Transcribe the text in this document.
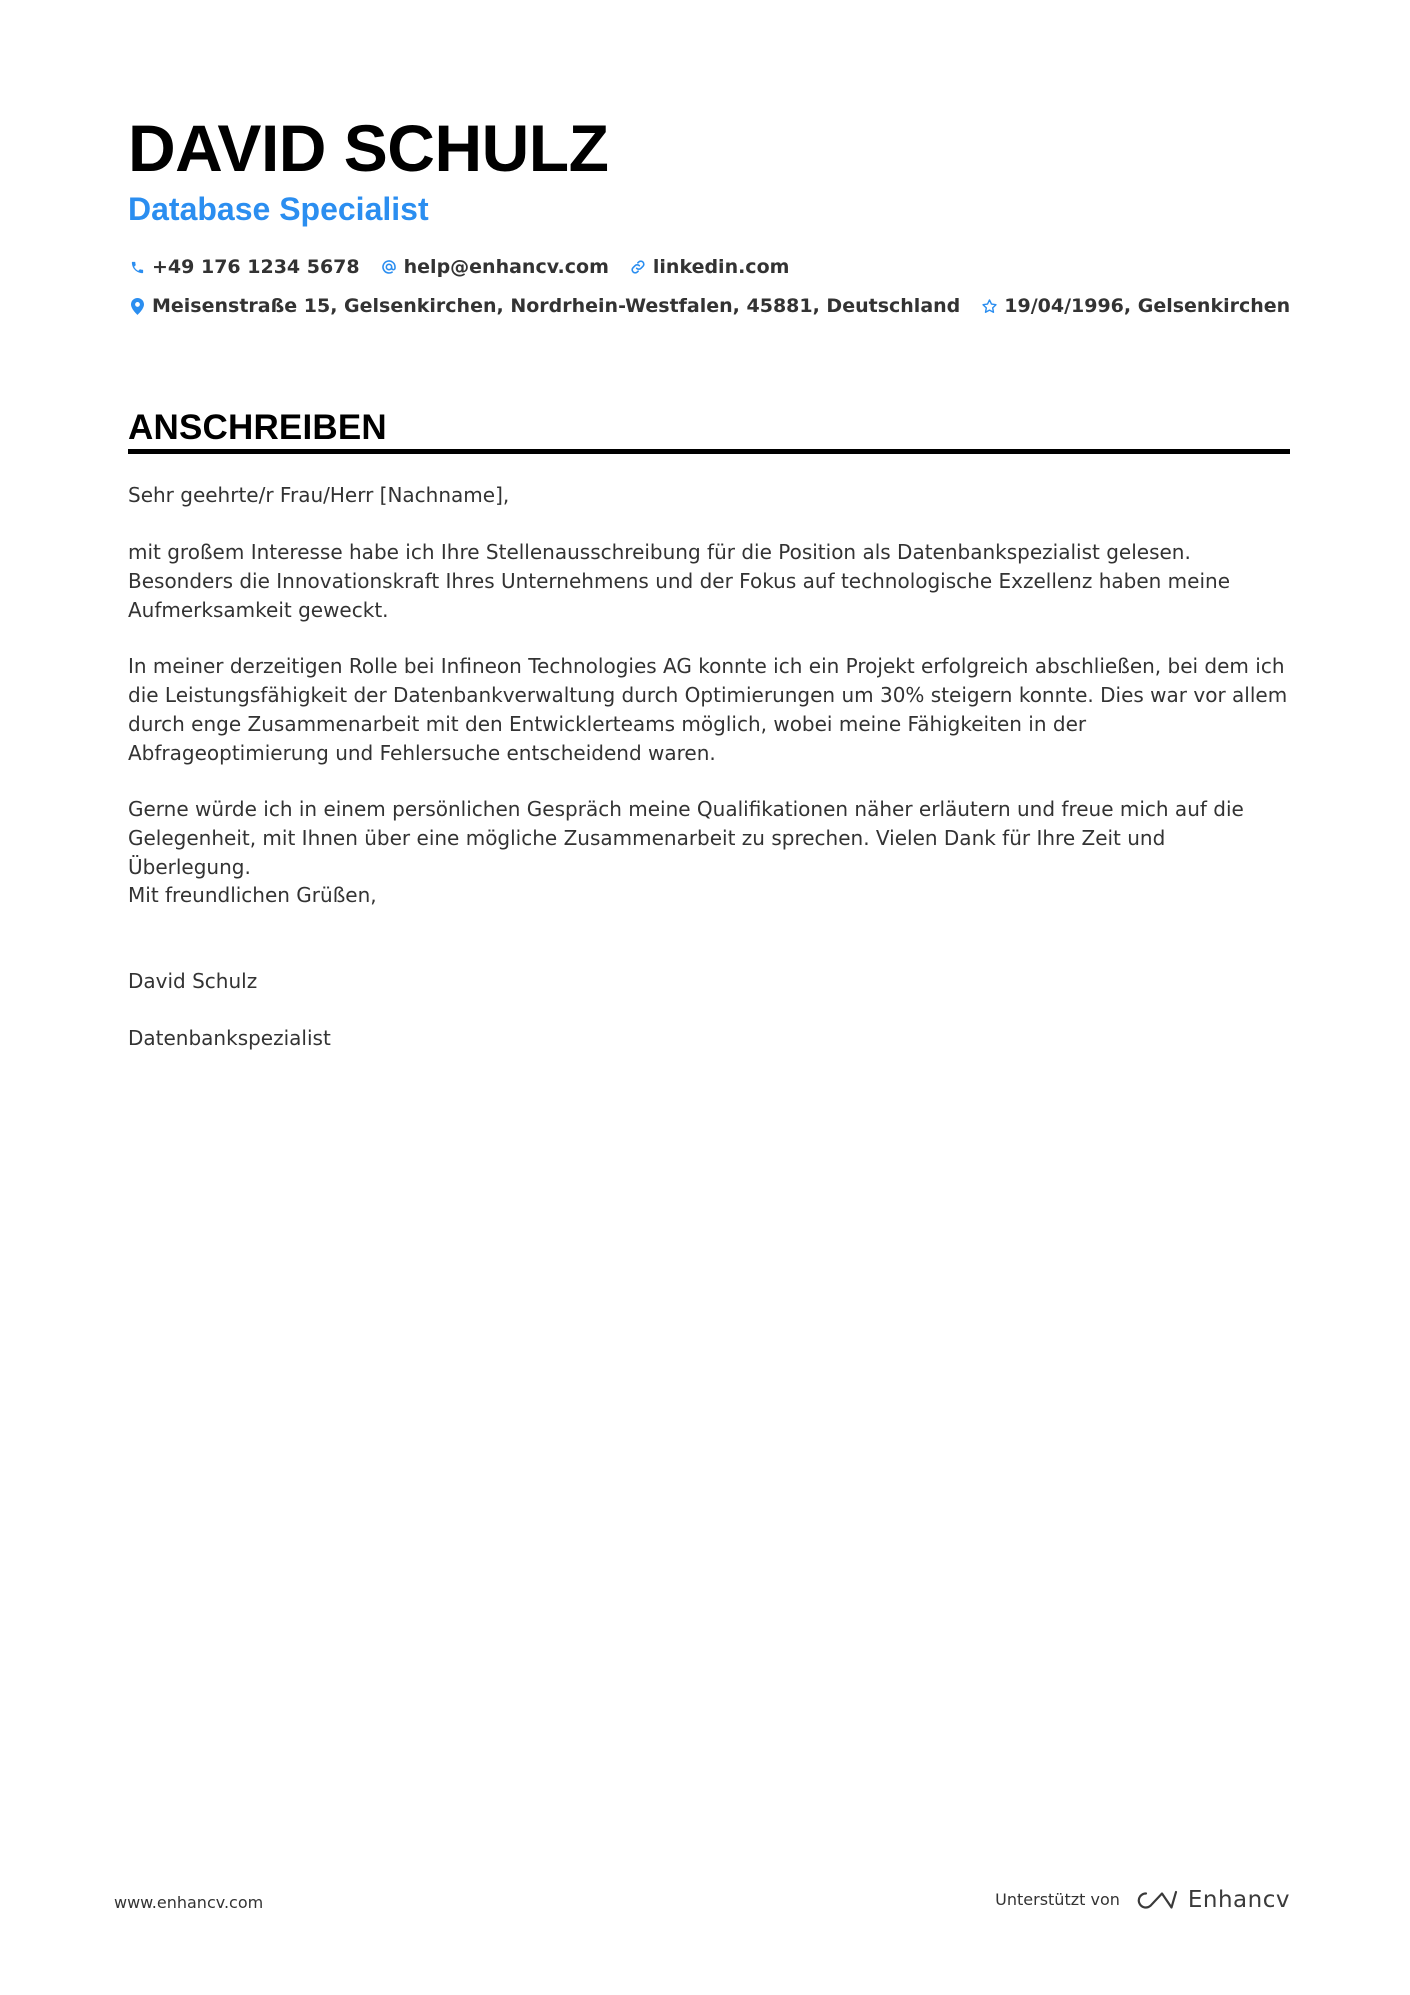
DAVID SCHULZ
Database Specialist
+49 176 1234 5678 help@enhancv.com linkedin.com
Meisenstraße 15, Gelsenkirchen, Nordrhein-Westfalen, 45881, Deutschland 19/04/1996, Gelsenkirchen
ANSCHREIBEN

Sehr geehrte/r Frau/Herr [Nachname],

mit großem Interesse habe ich Ihre Stellenausschreibung für die Position als Datenbankspezialist gelesen. Besonders die Innovationskraft Ihres Unternehmens und der Fokus auf technologische Exzellenz haben meine Aufmerksamkeit geweckt.

In meiner derzeitigen Rolle bei Infineon Technologies AG konnte ich ein Projekt erfolgreich abschließen, bei dem ich die Leistungsfähigkeit der Datenbankverwaltung durch Optimierungen um 30% steigern konnte. Dies war vor allem durch enge Zusammenarbeit mit den Entwicklerteams möglich, wobei meine Fähigkeiten in der Abfrageoptimierung und Fehlersuche entscheidend waren.

Gerne würde ich in einem persönlichen Gespräch meine Qualifikationen näher erläutern und freue mich auf die Gelegenheit, mit Ihnen über eine mögliche Zusammenarbeit zu sprechen. Vielen Dank für Ihre Zeit und Überlegung.

Mit freundlichen Grüßen,

David Schulz

Datenbankspezialist

www.enhancv.com	Unterstützt von	Enhancv
